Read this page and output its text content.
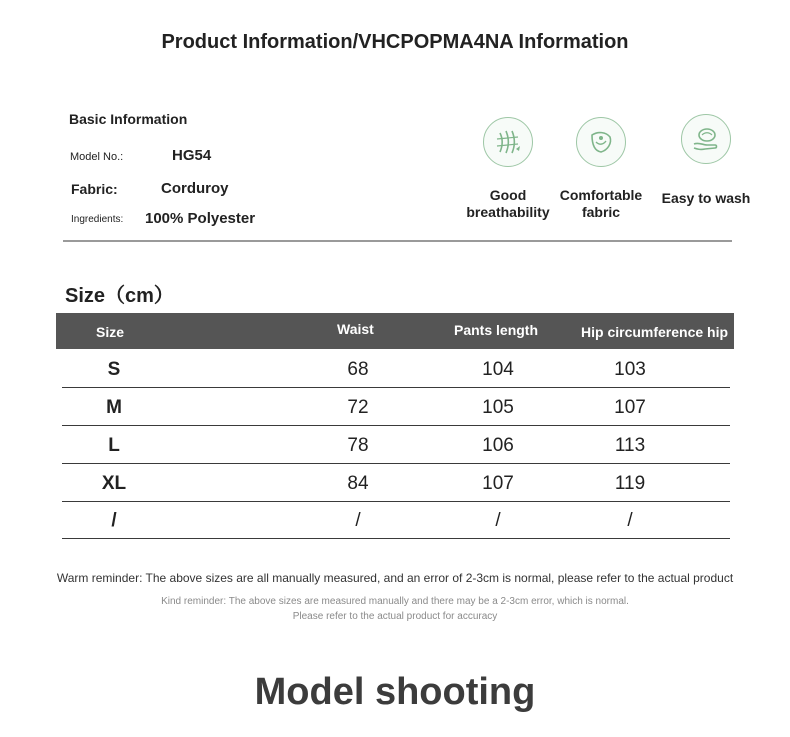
Product Information/VHCPOPMA4NA Information
Basic Information
Model No.:	HG54
Fabric:	Corduroy
Ingredients: 100% Polyester
Good
breathability
Comfortable
fabric
Easy to wash
Size（cm）
Size	Waist	Pants length	Hip circumference hip
S	68	104	103
M	72	105	107
L	78	106	113
XL	84	107	119
/	/	/	/
Warm reminder: The above sizes are all manually measured, and an error of 2-3cm is normal, please refer to the actual product
Kind reminder: The above sizes are measured manually and there may be a 2-3cm error, which is normal.
Please refer to the actual product for accuracy
Model shooting
